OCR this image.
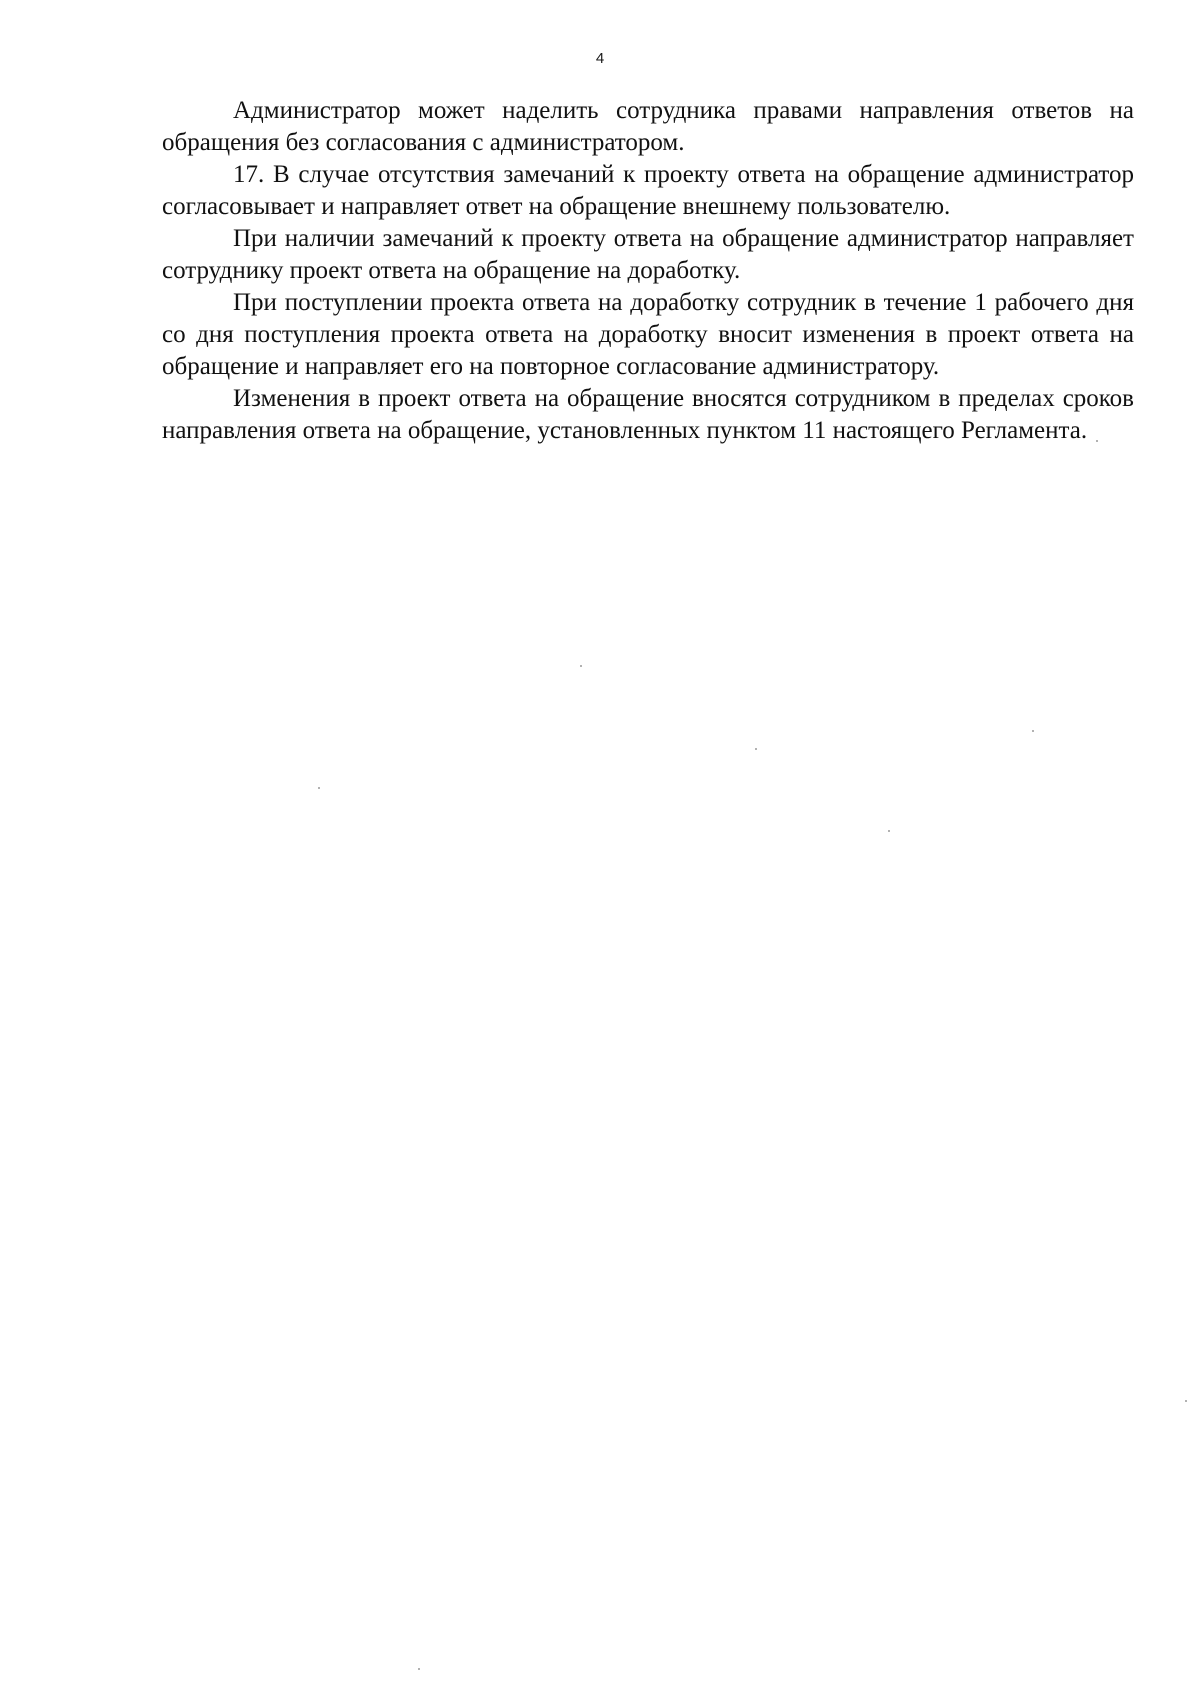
4

Администратор может наделить сотрудника правами направления ответов на обращения без согласования с администратором.

17. В случае отсутствия замечаний к проекту ответа на обращение администратор согласовывает и направляет ответ на обращение внешнему пользователю.

При наличии замечаний к проекту ответа на обращение администратор направляет сотруднику проект ответа на обращение на доработку.

При поступлении проекта ответа на доработку сотрудник в течение 1 рабочего дня со дня поступления проекта ответа на доработку вносит изменения в проект ответа на обращение и направляет его на повторное согласование администратору.

Изменения в проект ответа на обращение вносятся сотрудником в пределах сроков направления ответа на обращение, установленных пунктом 11 настоящего Регламента.
